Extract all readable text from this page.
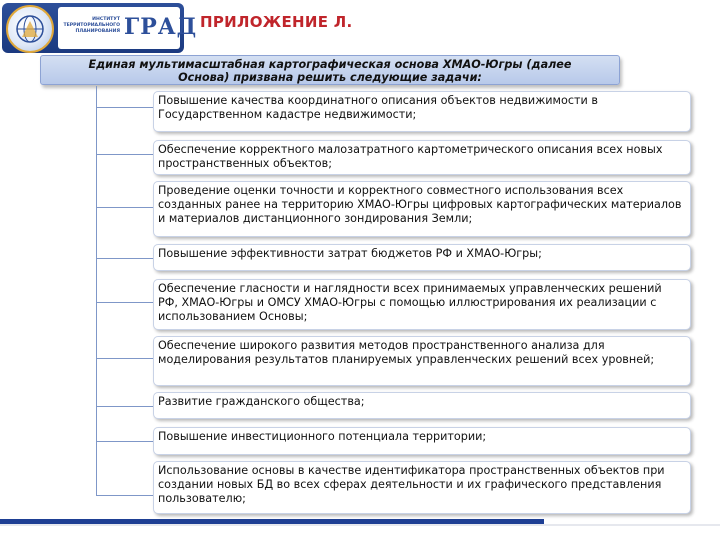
ИНСТИТУТ
ТЕРРИТОРИАЛЬНОГО
ПЛАНИРОВАНИЯ ГРАД ПРИЛОЖЕНИЕ Л.
Единая мультимасштабная картографическая основа ХМАО-Югры (далее
Основа) призвана решить следующие задачи:
Повышение качества координатного описания объектов недвижимости в Государственном кадастре недвижимости;
Обеспечение корректного малозатратного картометрического описания всех новых пространственных объектов;
Проведение оценки точности и корректного совместного использования всех созданных ранее на территорию ХМАО-Югры цифровых картографических материалов и материалов дистанционного зондирования Земли;
Повышение эффективности затрат бюджетов РФ и ХМАО-Югры;
Обеспечение гласности и наглядности всех принимаемых управленческих решений РФ, ХМАО-Югры и ОМСУ ХМАО-Югры с помощью иллюстрирования их реализации с использованием Основы;
Обеспечение широкого развития методов пространственного анализа для моделирования результатов планируемых управленческих решений всех уровней;
Развитие гражданского общества;
Повышение инвестиционного потенциала территории;
Использование основы в качестве идентификатора пространственных объектов при создании новых БД во всех сферах деятельности и их графического представления пользователю;
